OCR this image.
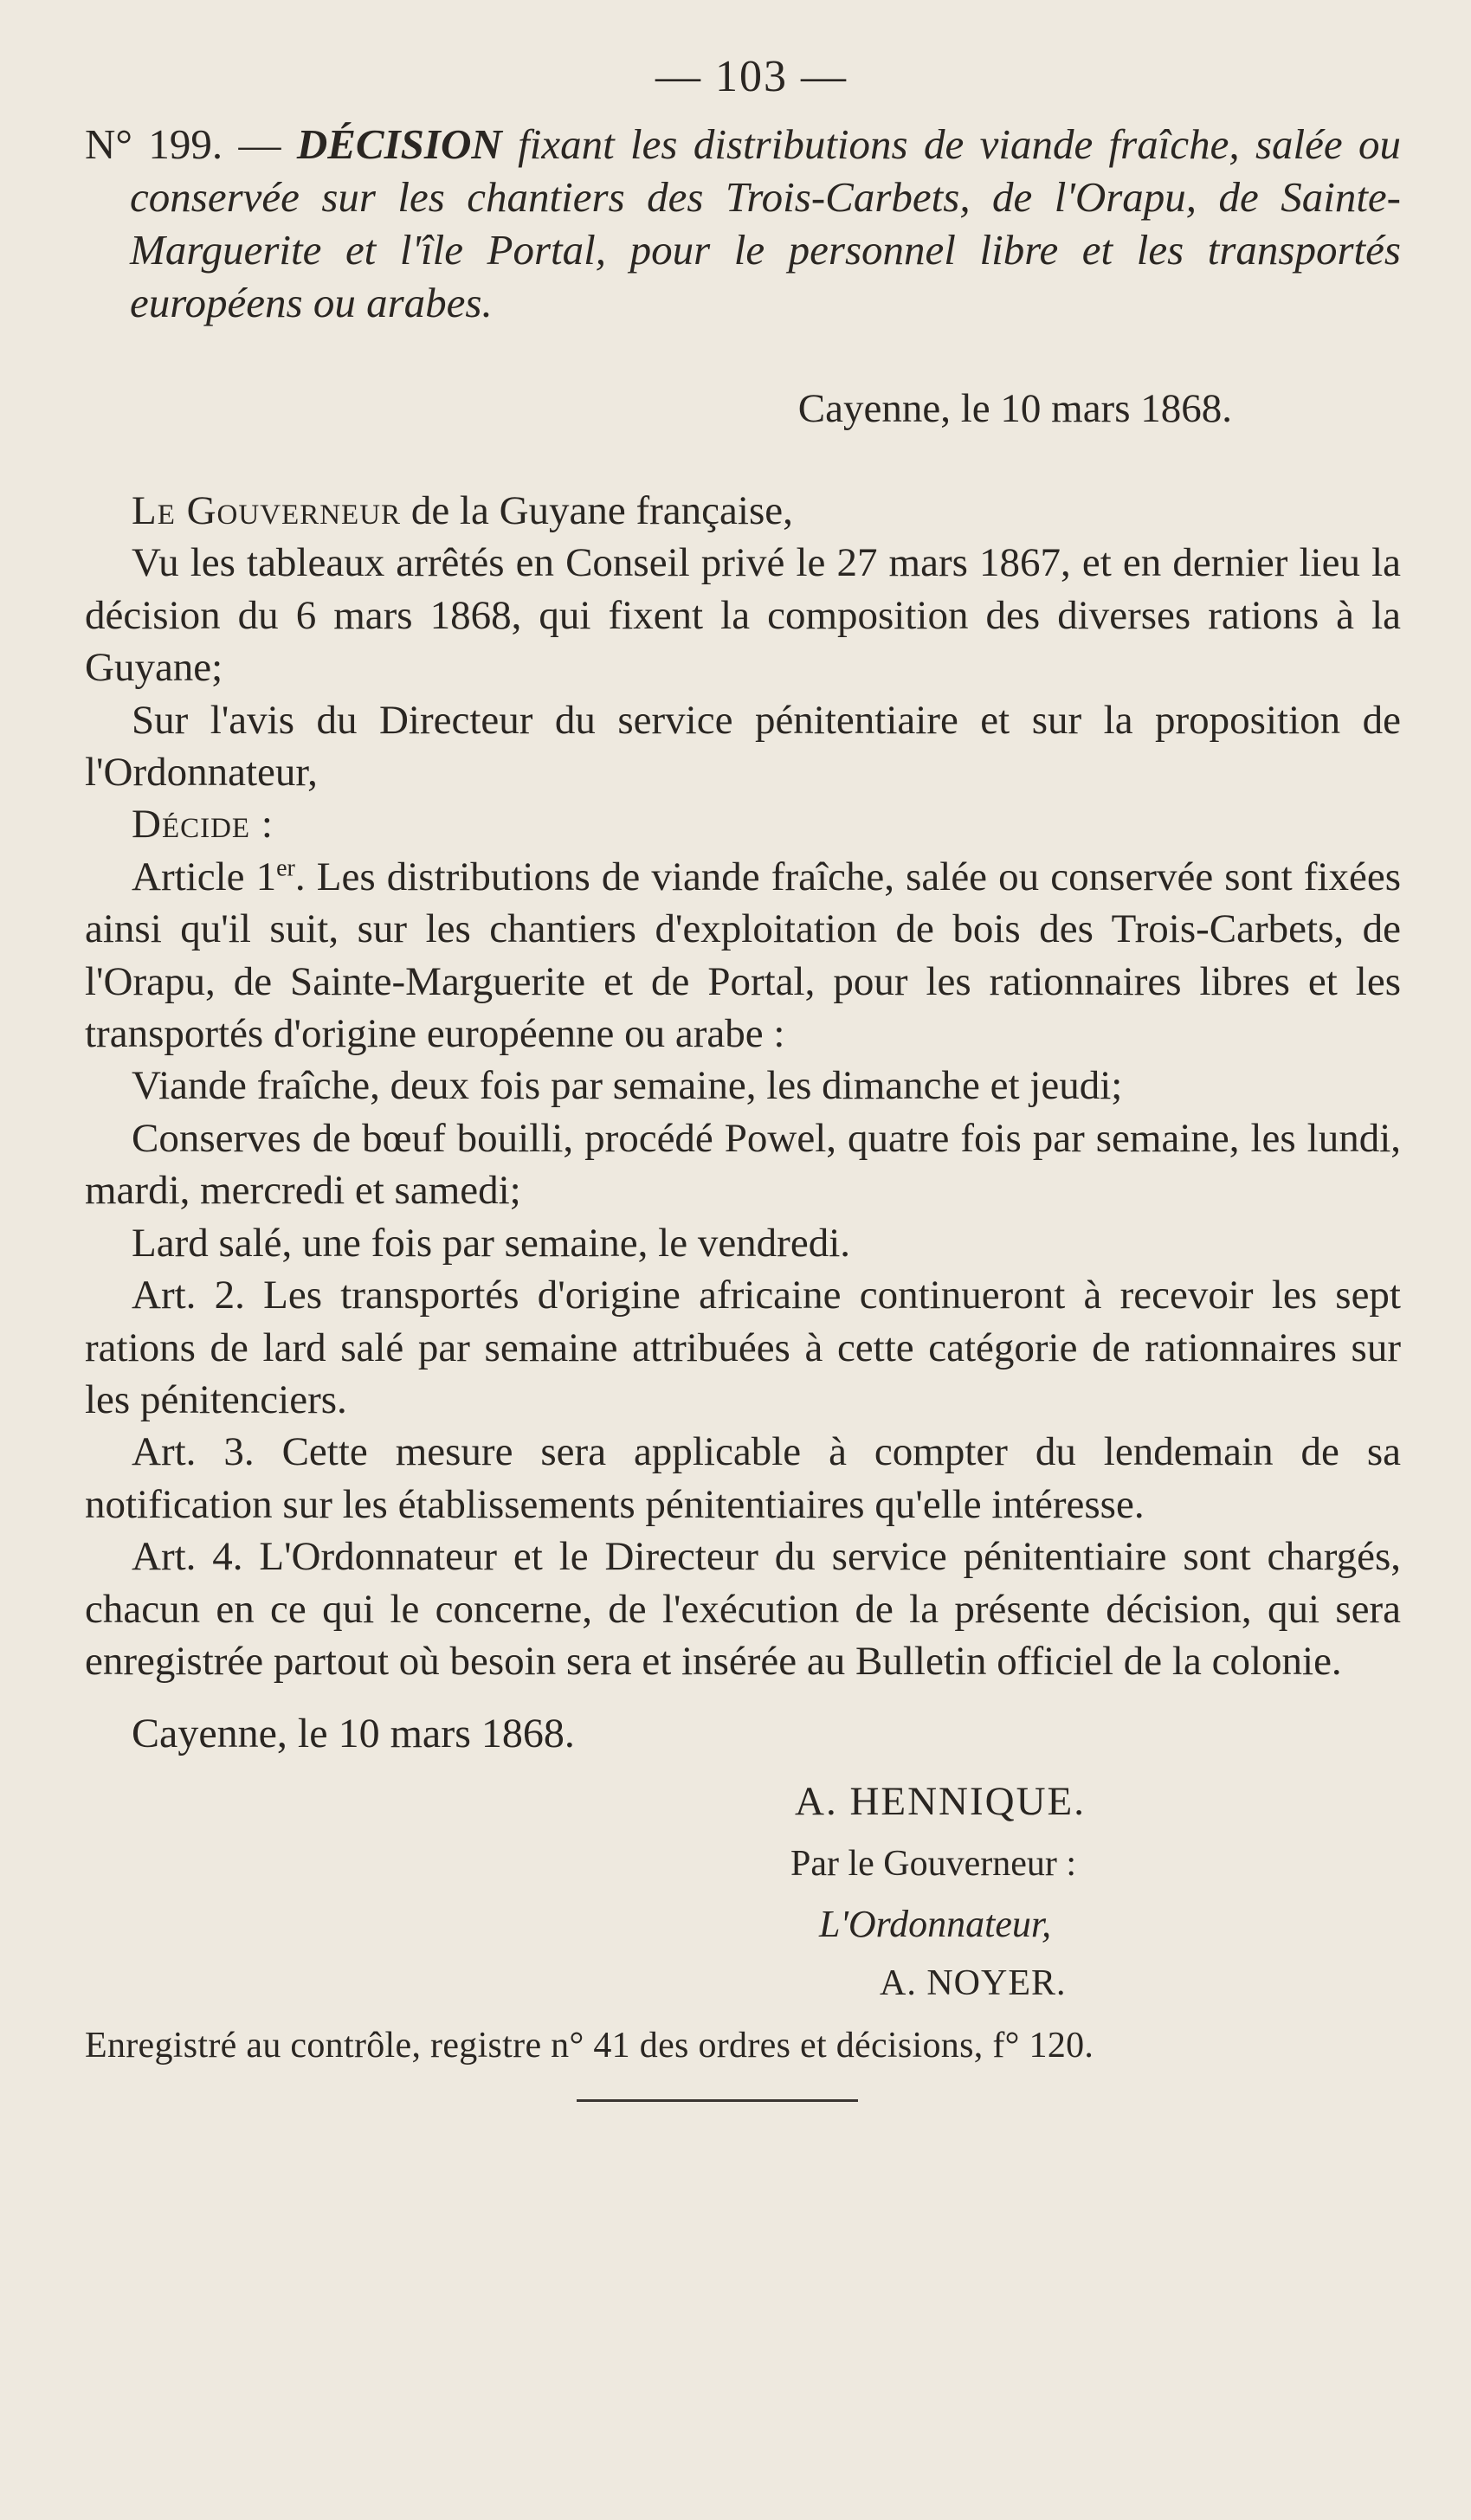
— 103 —
N° 199. — DÉCISION fixant les distributions de viande fraîche, salée ou conservée sur les chantiers des Trois-Carbets, de l'Orapu, de Sainte-Marguerite et l'île Portal, pour le personnel libre et les transportés européens ou arabes.
Cayenne, le 10 mars 1868.

Le Gouverneur de la Guyane française,

Vu les tableaux arrêtés en Conseil privé le 27 mars 1867, et en dernier lieu la décision du 6 mars 1868, qui fixent la composition des diverses rations à la Guyane;

Sur l'avis du Directeur du service pénitentiaire et sur la proposition de l'Ordonnateur,

Décide :

Article 1er. Les distributions de viande fraîche, salée ou conservée sont fixées ainsi qu'il suit, sur les chantiers d'exploitation de bois des Trois-Carbets, de l'Orapu, de Sainte-Marguerite et de Portal, pour les rationnaires libres et les transportés d'origine européenne ou arabe :

Viande fraîche, deux fois par semaine, les dimanche et jeudi;

Conserves de bœuf bouilli, procédé Powel, quatre fois par semaine, les lundi, mardi, mercredi et samedi;

Lard salé, une fois par semaine, le vendredi.

Art. 2. Les transportés d'origine africaine continueront à recevoir les sept rations de lard salé par semaine attribuées à cette catégorie de rationnaires sur les pénitenciers.

Art. 3. Cette mesure sera applicable à compter du lendemain de sa notification sur les établissements pénitentiaires qu'elle intéresse.

Art. 4. L'Ordonnateur et le Directeur du service pénitentiaire sont chargés, chacun en ce qui le concerne, de l'exécution de la présente décision, qui sera enregistrée partout où besoin sera et insérée au Bulletin officiel de la colonie.

Cayenne, le 10 mars 1868.
A. HENNIQUE.
Par le Gouverneur :
L'Ordonnateur,
A. NOYER.
Enregistré au contrôle, registre n° 41 des ordres et décisions, f° 120.
